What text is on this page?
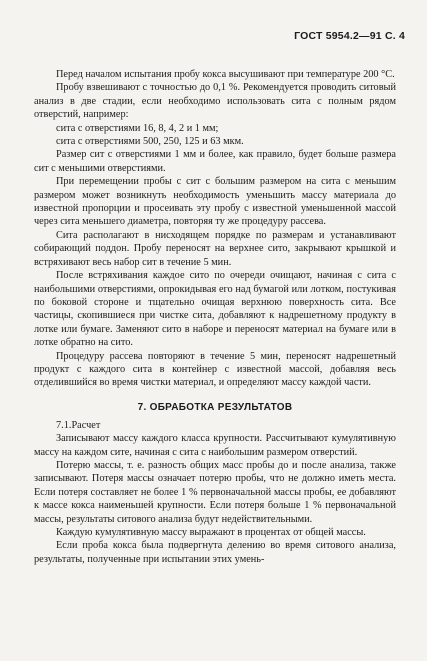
ГОСТ 5954.2—91 С. 4

Перед началом испытания пробу кокса высушивают при температуре 200 °С.

Пробу взвешивают с точностью до 0,1 %. Рекомендуется проводить ситовый анализ в две стадии, если необходимо использовать сита с полным рядом отверстий, например:

сита с отверстиями 16, 8, 4, 2 и 1 мм;

сита с отверстиями 500, 250, 125 и 63 мкм.

Размер сит с отверстиями 1 мм и более, как правило, будет больше размера сит с меньшими отверстиями.

При перемещении пробы с сит с большим размером на сита с меньшим размером может возникнуть необходимость уменьшить массу материала до известной пропорции и просеивать эту пробу с известной уменьшенной массой через сита меньшего диаметра, повторяя ту же процедуру рассева.

Сита располагают в нисходящем порядке по размерам и устанавливают собирающий поддон. Пробу переносят на верхнее сито, закрывают крышкой и встряхивают весь набор сит в течение 5 мин.

После встряхивания каждое сито по очереди очищают, начиная с сита с наибольшими отверстиями, опрокидывая его над бумагой или лотком, постукивая по боковой стороне и тщательно очищая верхнюю поверхность сита. Все частицы, скопившиеся при чистке сита, добавляют к надрешетному продукту в лотке или бумаге. Заменяют сито в наборе и переносят материал на бумаге или в лотке обратно на сито.

Процедуру рассева повторяют в течение 5 мин, переносят надрешетный продукт с каждого сита в контейнер с известной массой, добавляя весь отделившийся во время чистки материал, и определяют массу каждой части.

7. ОБРАБОТКА РЕЗУЛЬТАТОВ

7.1.Расчет

Записывают массу каждого класса крупности. Рассчитывают кумулятивную массу на каждом сите, начиная с сита с наибольшим размером отверстий.

Потерю массы, т. е. разность общих масс пробы до и после анализа, также записывают. Потеря массы означает потерю пробы, что не должно иметь места. Если потеря составляет не более 1 % первоначальной массы пробы, ее добавляют к массе кокса наименьшей крупности. Если потеря больше 1 % первоначальной массы, результаты ситового анализа будут недействительными.

Каждую кумулятивную массу выражают в процентах от общей массы.

Если проба кокса была подвергнута делению во время ситового анализа, результаты, полученные при испытании этих умень-
